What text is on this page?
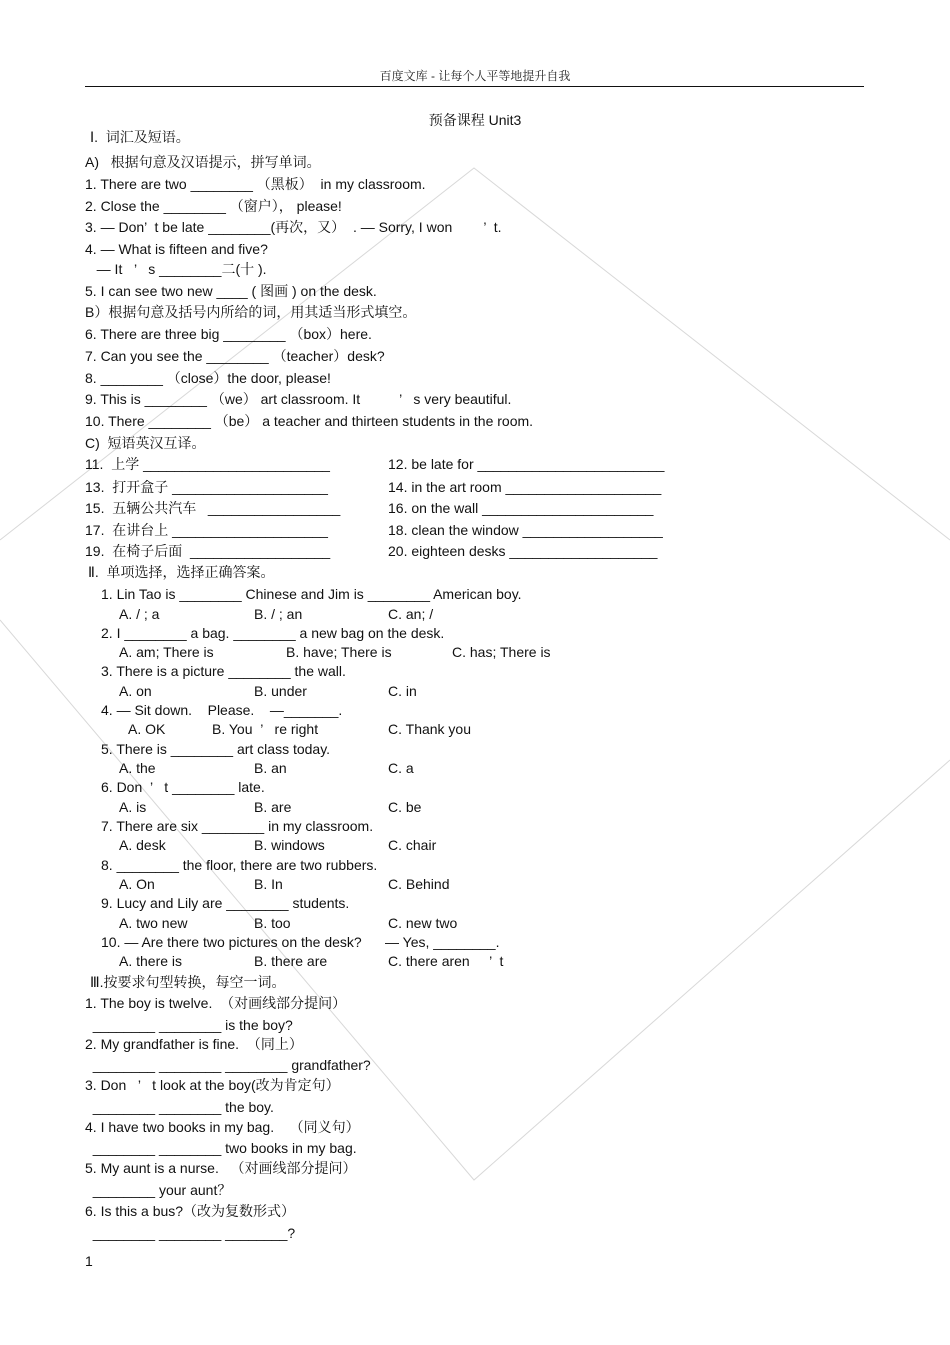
百度文库 - 让每个人平等地提升自我
预备课程 Unit3
Ⅰ.  词汇及短语。
A)   根据句意及汉语提示，拼写单词。
1. There are two ________ （黑板）  in my classroom.
2. Close the ________ （窗户）， please!
3. — Don’  t be late ________(再次，又）  . — Sorry, I won        ’  t.
4. — What is fifteen and five?
— It   ’   s ________二(十 ).
5. I can see two new ____ ( 图画 ) on the desk.
B）根据句意及括号内所给的词，用其适当形式填空。
6. There are three big ________ （box）here.
7. Can you see the ________ （teacher）desk?
8. ________ （close）the door, please!
9. This is ________ （we） art classroom. It          ’   s very beautiful.
10. There ________ （be） a teacher and thirteen students in the room.
C)  短语英汉互译。
11.  上学 ________________________	12. be late for ________________________
13.  打开盒子 ____________________	14. in the art room ____________________
15.  五辆公共汽车   _________________	16. on the wall ______________________
17.  在讲台上 ____________________	18. clean the window __________________
19.  在椅子后面  __________________	20. eighteen desks ___________________
Ⅱ.  单项选择，选择正确答案。
1. Lin Tao is ________ Chinese and Jim is ________ American boy.
A. / ; a	B. / ; an	C. an; /
2. I ________ a bag. ________ a new bag on the desk.
A. am; There is	B. have; There is	C. has; There is
3. There is a picture ________ the wall.
A. on	B. under	C. in
4. — Sit down.    Please.    —_______.
A. OK	B. You  ’   re right	C. Thank you
5. There is ________ art class today.
A. the	B. an	C. a
6. Don  ’   t ________ late.
A. is	B. are	C. be
7. There are six ________ in my classroom.
A. desk	B. windows	C. chair
8. ________ the floor, there are two rubbers.
A. On	B. In	C. Behind
9. Lucy and Lily are ________ students.
A. two new	B. too	C. new two
10. — Are there two pictures on the desk?      — Yes, ________.
A. there is	B. there are	C. there aren     ’  t
Ⅲ.按要求句型转换，每空一词。
1. The boy is twelve.  （对画线部分提问）
________ ________ is the boy?
2. My grandfather is fine.  （同上）
________ ________ ________ grandfather?
3. Don   ’   t look at the boy(改为肯定句）
________ ________ the boy.
4. I have two books in my bag.    （同义句）
________ ________ two books in my bag.
5. My aunt is a nurse.   （对画线部分提问）
________ your aunt？
6. Is this a bus?（改为复数形式）
________ ________ ________?
1
